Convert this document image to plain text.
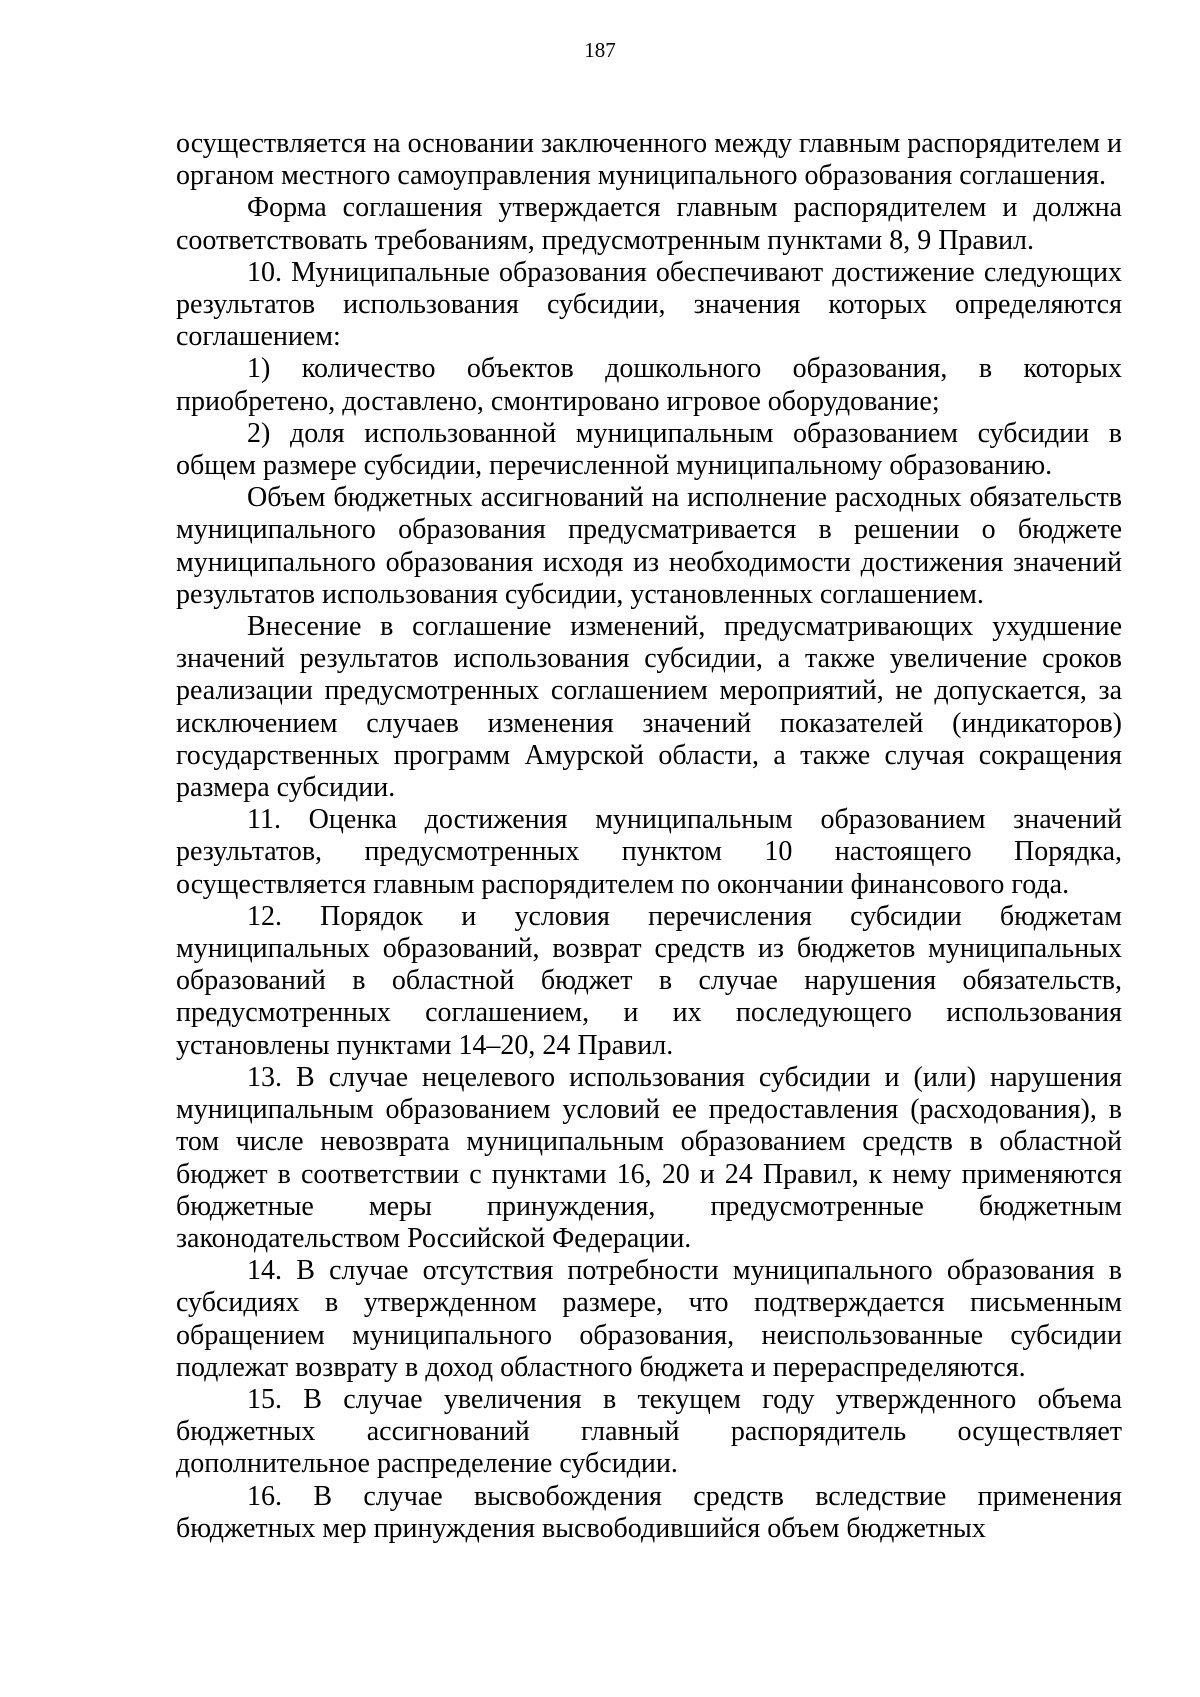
187

осуществляется на основании заключенного между главным распорядителем и органом местного самоуправления муниципального образования соглашения.

Форма соглашения утверждается главным распорядителем и должна соответствовать требованиям, предусмотренным пунктами 8, 9 Правил.

10. Муниципальные образования обеспечивают достижение следующих результатов использования субсидии, значения которых определяются соглашением:

1) количество объектов дошкольного образования, в которых приобретено, доставлено, смонтировано игровое оборудование;

2) доля использованной муниципальным образованием субсидии в общем размере субсидии, перечисленной муниципальному образованию.

Объем бюджетных ассигнований на исполнение расходных обязательств муниципального образования предусматривается в решении о бюджете муниципального образования исходя из необходимости достижения значений результатов использования субсидии, установленных соглашением.

Внесение в соглашение изменений, предусматривающих ухудшение значений результатов использования субсидии, а также увеличение сроков реализации предусмотренных соглашением мероприятий, не допускается, за исключением случаев изменения значений показателей (индикаторов) государственных программ Амурской области, а также случая сокращения размера субсидии.

11. Оценка достижения муниципальным образованием значений результатов, предусмотренных пунктом 10 настоящего Порядка, осуществляется главным распорядителем по окончании финансового года.

12. Порядок и условия перечисления субсидии бюджетам муниципальных образований, возврат средств из бюджетов муниципальных образований в областной бюджет в случае нарушения обязательств, предусмотренных соглашением, и их последующего использования установлены пунктами 14–20, 24 Правил.

13. В случае нецелевого использования субсидии и (или) нарушения муниципальным образованием условий ее предоставления (расходования), в том числе невозврата муниципальным образованием средств в областной бюджет в соответствии с пунктами 16, 20 и 24 Правил, к нему применяются бюджетные меры принуждения, предусмотренные бюджетным законодательством Российской Федерации.

14. В случае отсутствия потребности муниципального образования в субсидиях в утвержденном размере, что подтверждается письменным обращением муниципального образования, неиспользованные субсидии подлежат возврату в доход областного бюджета и перераспределяются.

15. В случае увеличения в текущем году утвержденного объема бюджетных ассигнований главный распорядитель осуществляет дополнительное распределение субсидии.

16. В случае высвобождения средств вследствие применения бюджетных мер принуждения высвободившийся объем бюджетных
